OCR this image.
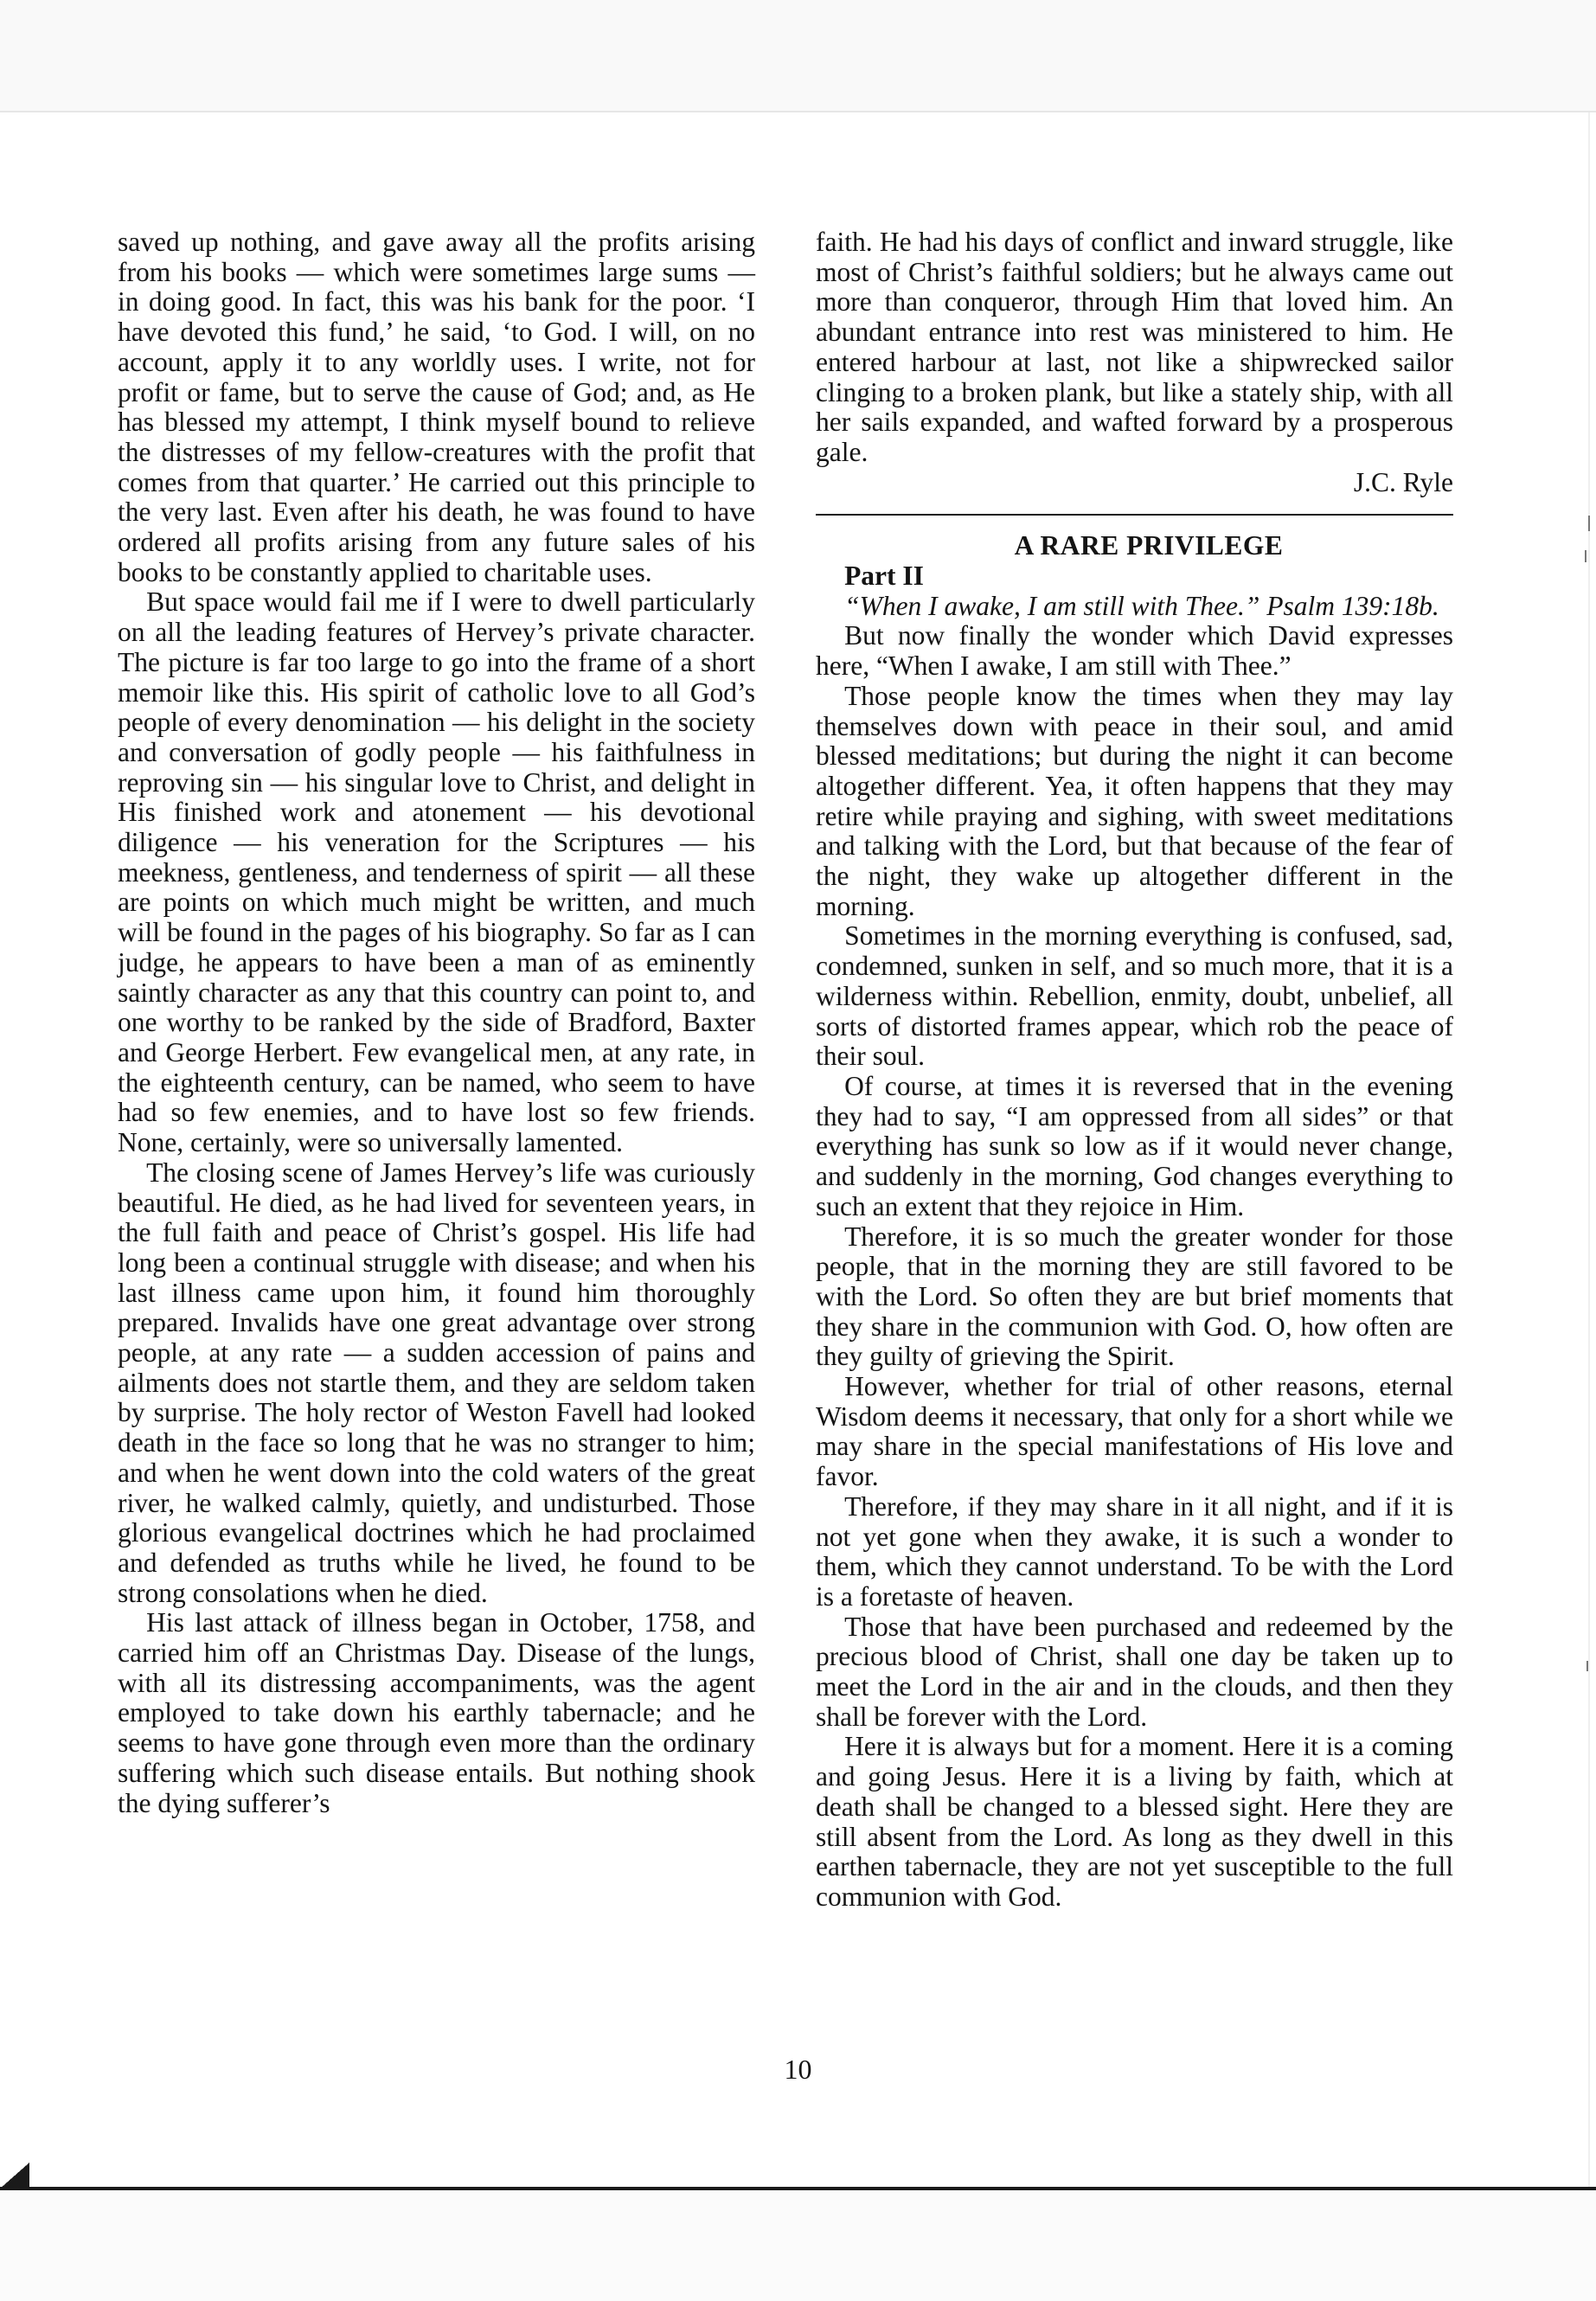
saved up nothing, and gave away all the profits arising from his books — which were sometimes large sums — in doing good. In fact, this was his bank for the poor. ‘I have devoted this fund,’ he said, ‘to God. I will, on no account, apply it to any worldly uses. I write, not for profit or fame, but to serve the cause of God; and, as He has blessed my attempt, I think myself bound to relieve the distresses of my fellow-creatures with the profit that comes from that quarter.’ He carried out this principle to the very last. Even after his death, he was found to have ordered all profits arising from any future sales of his books to be constantly applied to charitable uses.

But space would fail me if I were to dwell particularly on all the leading features of Hervey’s private character. The picture is far too large to go into the frame of a short memoir like this. His spirit of catholic love to all God’s people of every denomination — his delight in the society and conversation of godly people — his faithfulness in reproving sin — his singular love to Christ, and delight in His finished work and atonement — his devotional diligence — his veneration for the Scriptures — his meekness, gentleness, and tenderness of spirit — all these are points on which much might be written, and much will be found in the pages of his biography. So far as I can judge, he appears to have been a man of as eminently saintly character as any that this country can point to, and one worthy to be ranked by the side of Bradford, Baxter and George Herbert. Few evangelical men, at any rate, in the eighteenth century, can be named, who seem to have had so few enemies, and to have lost so few friends. None, certainly, were so universally lamented.

The closing scene of James Hervey’s life was curiously beautiful. He died, as he had lived for seventeen years, in the full faith and peace of Christ’s gospel. His life had long been a continual struggle with disease; and when his last illness came upon him, it found him thoroughly prepared. Invalids have one great advantage over strong people, at any rate — a sudden accession of pains and ailments does not startle them, and they are seldom taken by surprise. The holy rector of Weston Favell had looked death in the face so long that he was no stranger to him; and when he went down into the cold waters of the great river, he walked calmly, quietly, and undisturbed. Those glorious evangelical doctrines which he had proclaimed and defended as truths while he lived, he found to be strong consolations when he died.

His last attack of illness began in October, 1758, and carried him off an Christmas Day. Disease of the lungs, with all its distressing accompaniments, was the agent employed to take down his earthly tabernacle; and he seems to have gone through even more than the ordinary suffering which such disease entails. But nothing shook the dying sufferer’s

faith. He had his days of conflict and inward struggle, like most of Christ’s faithful soldiers; but he always came out more than conqueror, through Him that loved him. An abundant entrance into rest was ministered to him. He entered harbour at last, not like a shipwrecked sailor clinging to a broken plank, but like a stately ship, with all her sails expanded, and wafted forward by a prosperous gale.

J.C. Ryle

A RARE PRIVILEGE

Part II

“When I awake, I am still with Thee.” Psalm 139:18b.

But now finally the wonder which David expresses here, “When I awake, I am still with Thee.”

Those people know the times when they may lay themselves down with peace in their soul, and amid blessed meditations; but during the night it can become altogether different. Yea, it often happens that they may retire while praying and sighing, with sweet meditations and talking with the Lord, but that because of the fear of the night, they wake up altogether different in the morning.

Sometimes in the morning everything is confused, sad, condemned, sunken in self, and so much more, that it is a wilderness within. Rebellion, enmity, doubt, unbelief, all sorts of distorted frames appear, which rob the peace of their soul.

Of course, at times it is reversed that in the evening they had to say, “I am oppressed from all sides” or that everything has sunk so low as if it would never change, and suddenly in the morning, God changes everything to such an extent that they rejoice in Him.

Therefore, it is so much the greater wonder for those people, that in the morning they are still favored to be with the Lord. So often they are but brief moments that they share in the communion with God. O, how often are they guilty of grieving the Spirit.

However, whether for trial of other reasons, eternal Wisdom deems it necessary, that only for a short while we may share in the special manifestations of His love and favor.

Therefore, if they may share in it all night, and if it is not yet gone when they awake, it is such a wonder to them, which they cannot understand. To be with the Lord is a foretaste of heaven.

Those that have been purchased and redeemed by the precious blood of Christ, shall one day be taken up to meet the Lord in the air and in the clouds, and then they shall be forever with the Lord.

Here it is always but for a moment. Here it is a coming and going Jesus. Here it is a living by faith, which at death shall be changed to a blessed sight. Here they are still absent from the Lord. As long as they dwell in this earthen tabernacle, they are not yet susceptible to the full communion with God.

10
